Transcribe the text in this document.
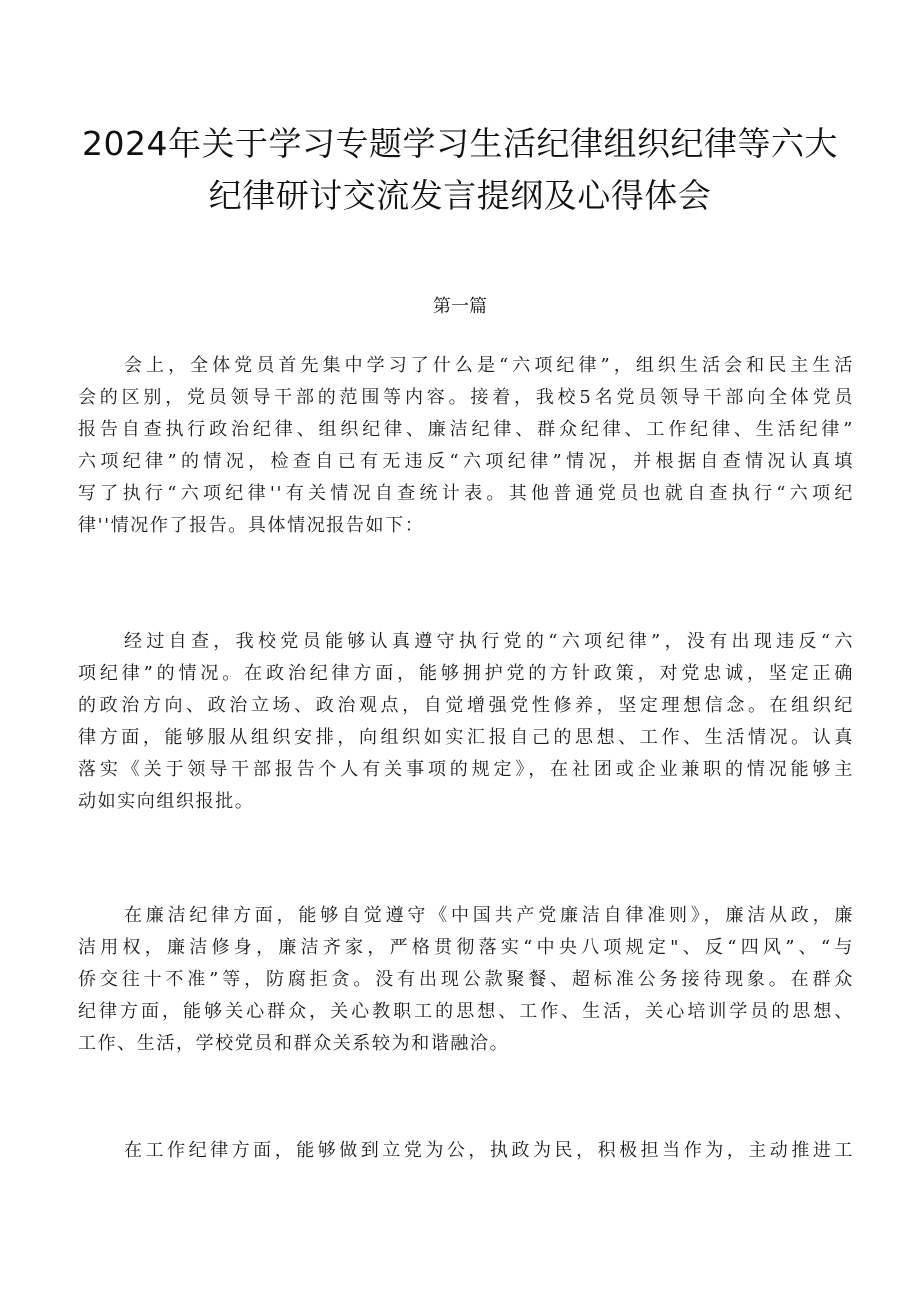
2024年关于学习专题学习生活纪律组织纪律等六大
纪律研讨交流发言提纲及心得体会
第一篇
会上，全体党员首先集中学习了什么是“六项纪律”，组织生活会和民主生活
会的区别，党员领导干部的范围等内容。接着，我校5名党员领导干部向全体党员
报告自查执行政治纪律、组织纪律、廉洁纪律、群众纪律、工作纪律、生活纪律”
六项纪律”的情况，检查自已有无违反“六项纪律”情况，并根据自查情况认真填
写了执行“六项纪律''有关情况自查统计表。其他普通党员也就自查执行“六项纪
律''情况作了报告。具体情况报告如下：
经过自查，我校党员能够认真遵守执行党的“六项纪律”，没有出现违反“六
项纪律”的情况。在政治纪律方面，能够拥护党的方针政策，对党忠诚，坚定正确
的政治方向、政治立场、政治观点，自觉增强党性修养，坚定理想信念。在组织纪
律方面，能够服从组织安排，向组织如实汇报自己的思想、工作、生活情况。认真
落实《关于领导干部报告个人有关事项的规定》，在社团或企业兼职的情况能够主
动如实向组织报批。
在廉洁纪律方面，能够自觉遵守《中国共产党廉洁自律准则》，廉洁从政，廉
洁用权，廉洁修身，廉洁齐家，严格贯彻落实“中央八项规定"、反“四风”、“与
侨交往十不准”等，防腐拒贪。没有出现公款聚餐、超标准公务接待现象。在群众
纪律方面，能够关心群众，关心教职工的思想、工作、生活，关心培训学员的思想、
工作、生活，学校党员和群众关系较为和谐融洽。
在工作纪律方面，能够做到立党为公，执政为民，积极担当作为，主动推进工
